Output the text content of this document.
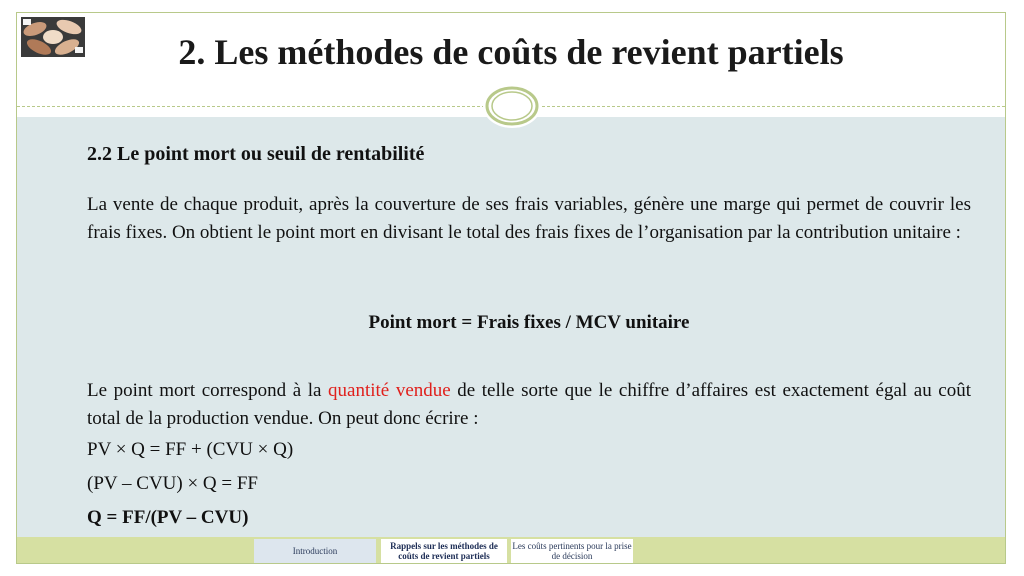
2. Les méthodes de coûts de revient partiels
2.2 Le point mort ou seuil de rentabilité

La vente de chaque produit, après la couverture de ses frais variables, génère une marge qui permet de couvrir les frais fixes. On obtient le point mort en divisant le total des frais fixes de l’organisation par la contribution unitaire :

Point mort = Frais fixes / MCV unitaire

Le point mort correspond à la quantité vendue de telle sorte que le chiffre d’affaires est exactement égal au coût total de la production vendue. On peut donc écrire :

PV × Q = FF + (CVU × Q)

(PV – CVU) × Q = FF

Q = FF/(PV – CVU)

Introduction	Rappels sur les méthodes de coûts de revient partiels
Les coûts pertinents pour la prise de décision
